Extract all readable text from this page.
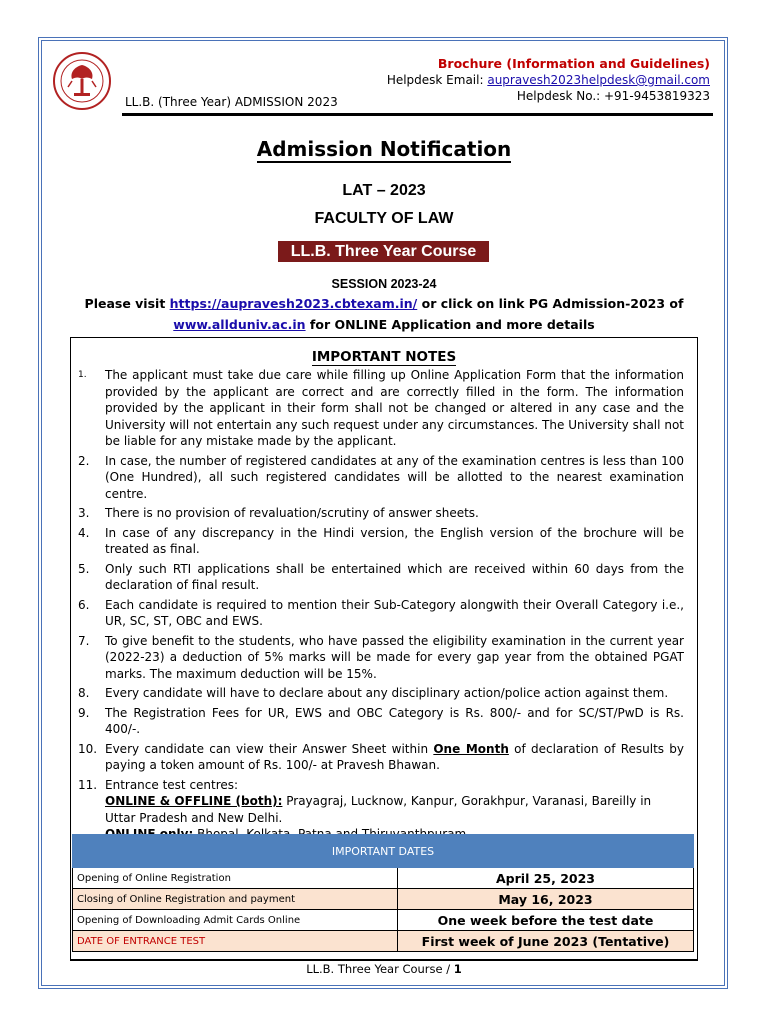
LL.B. (Three Year) ADMISSION 2023
Brochure (Information and Guidelines)
Helpdesk Email: aupravesh2023helpdesk@gmail.com
Helpdesk No.: +91-9453819323
Admission Notification
LAT – 2023
FACULTY OF LAW
LL.B. Three Year Course
SESSION 2023-24
Please visit https://aupravesh2023.cbtexam.in/ or click on link PG Admission-2023 of
www.allduniv.ac.in for ONLINE Application and more details
IMPORTANT NOTES
1.	The applicant must take due care while filling up Online Application Form that the information provided by the applicant are correct and are correctly filled in the form. The information provided by the applicant in their form shall not be changed or altered in any case and the University will not entertain any such request under any circumstances. The University shall not be liable for any mistake made by the applicant.
2.	In case, the number of registered candidates at any of the examination centres is less than 100 (One Hundred), all such registered candidates will be allotted to the nearest examination centre.
3.	There is no provision of revaluation/scrutiny of answer sheets.
4.	In case of any discrepancy in the Hindi version, the English version of the brochure will be treated as final.
5.	Only such RTI applications shall be entertained which are received within 60 days from the declaration of final result.
6.	Each candidate is required to mention their Sub-Category alongwith their Overall Category i.e., UR, SC, ST, OBC and EWS.
7.	To give benefit to the students, who have passed the eligibility examination in the current year (2022-23) a deduction of 5% marks will be made for every gap year from the obtained PGAT marks. The maximum deduction will be 15%.
8.	Every candidate will have to declare about any disciplinary action/police action against them.
9.	The Registration Fees for UR, EWS and OBC Category is Rs. 800/- and for SC/ST/PwD is Rs. 400/-.
10. Every candidate can view their Answer Sheet within One Month of declaration of Results by paying a token amount of Rs. 100/- at Pravesh Bhawan.
11. Entrance test centres:
ONLINE & OFFLINE (both): Prayagraj, Lucknow, Kanpur, Gorakhpur, Varanasi, Bareilly in Uttar Pradesh and New Delhi.

IMPORTANT DATES	
Opening of Online Registration	April 25, 2023
Closing of Online Registration and payment	May 16, 2023
Opening of Downloading Admit Cards Online	One week before the test date
DATE OF ENTRANCE TEST	First week of June 2023 (Tentative)
LL.B. Three Year Course / 1
